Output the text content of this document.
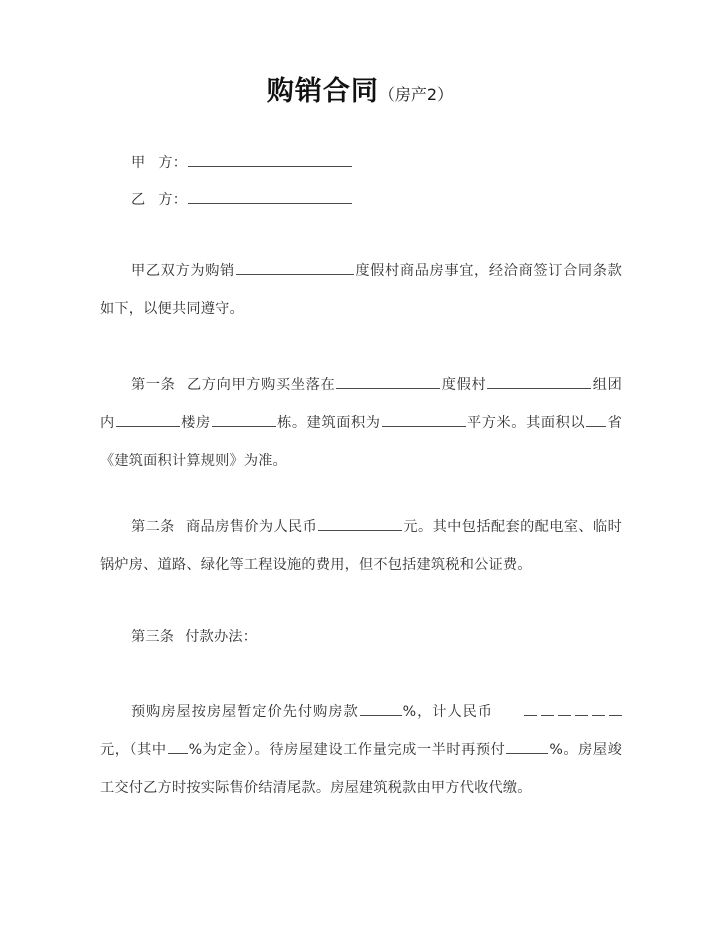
购销合同（房产2）
甲 方：
乙 方：
甲乙双方为购销	度假村商品房事宜，经洽商签订合同条款如下，以便共同遵守。
第一条 乙方向甲方购买坐落在	度假村	组团内	楼房	栋。建筑面积为	平方米。其面积以 省《建筑面积计算规则》为准。
第二条 商品房售价为人民币	元。其中包括配套的配电室、临时锅炉房、道路、绿化等工程设施的费用，但不包括建筑税和公证费。
第三条 付款办法：
预购房屋按房屋暂定价先付购房款	%，计人民币元，（其中 %为定金）。待房屋建设工作量完成一半时再预付	%。房屋竣工交付乙方时按实际售价结清尾款。房屋建筑税款由甲方代收代缴。
